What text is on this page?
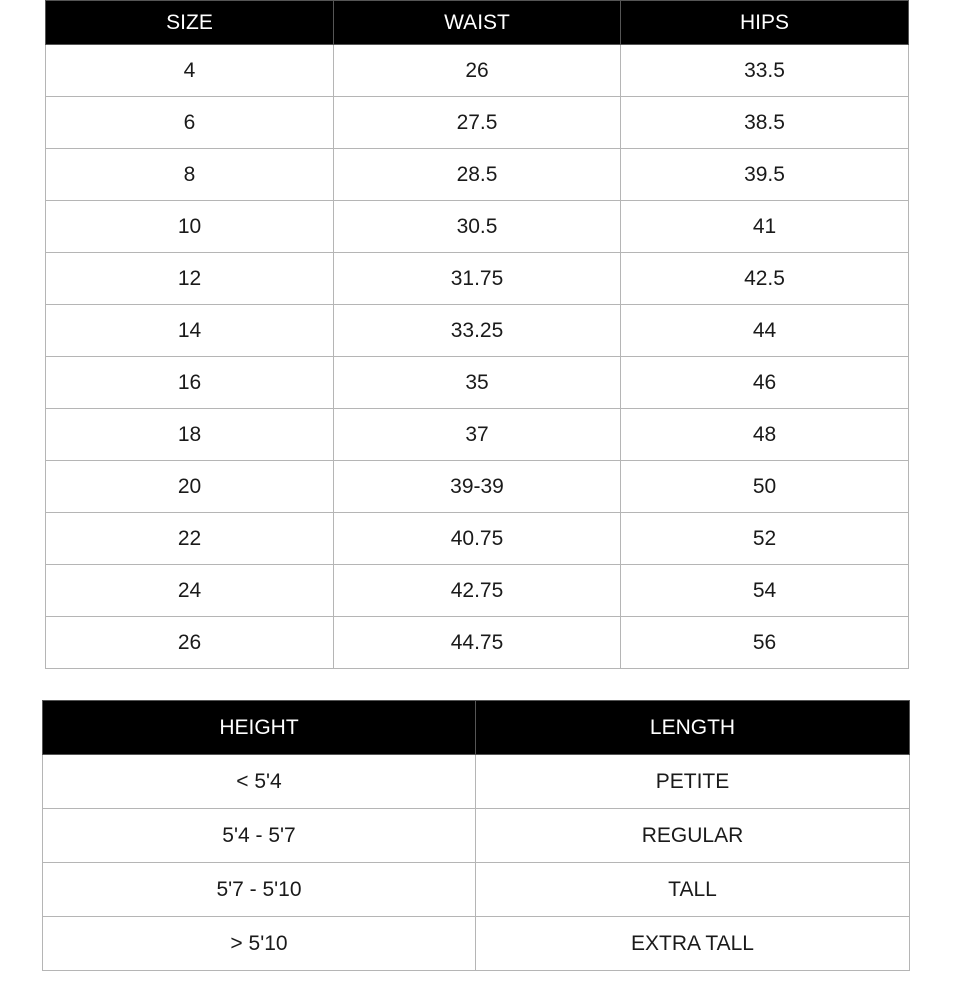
SIZE	WAIST	HIPS
4	26	33.5
6	27.5	38.5
8	28.5	39.5
10	30.5	41
12	31.75	42.5
14	33.25	44
16	35	46
18	37	48
20	39-39	50
22	40.75	52
24	42.75	54
26	44.75	56
HEIGHT	LENGTH
< 5'4	PETITE
5'4 - 5'7	REGULAR
5'7 - 5'10	TALL
> 5'10	EXTRA TALL
